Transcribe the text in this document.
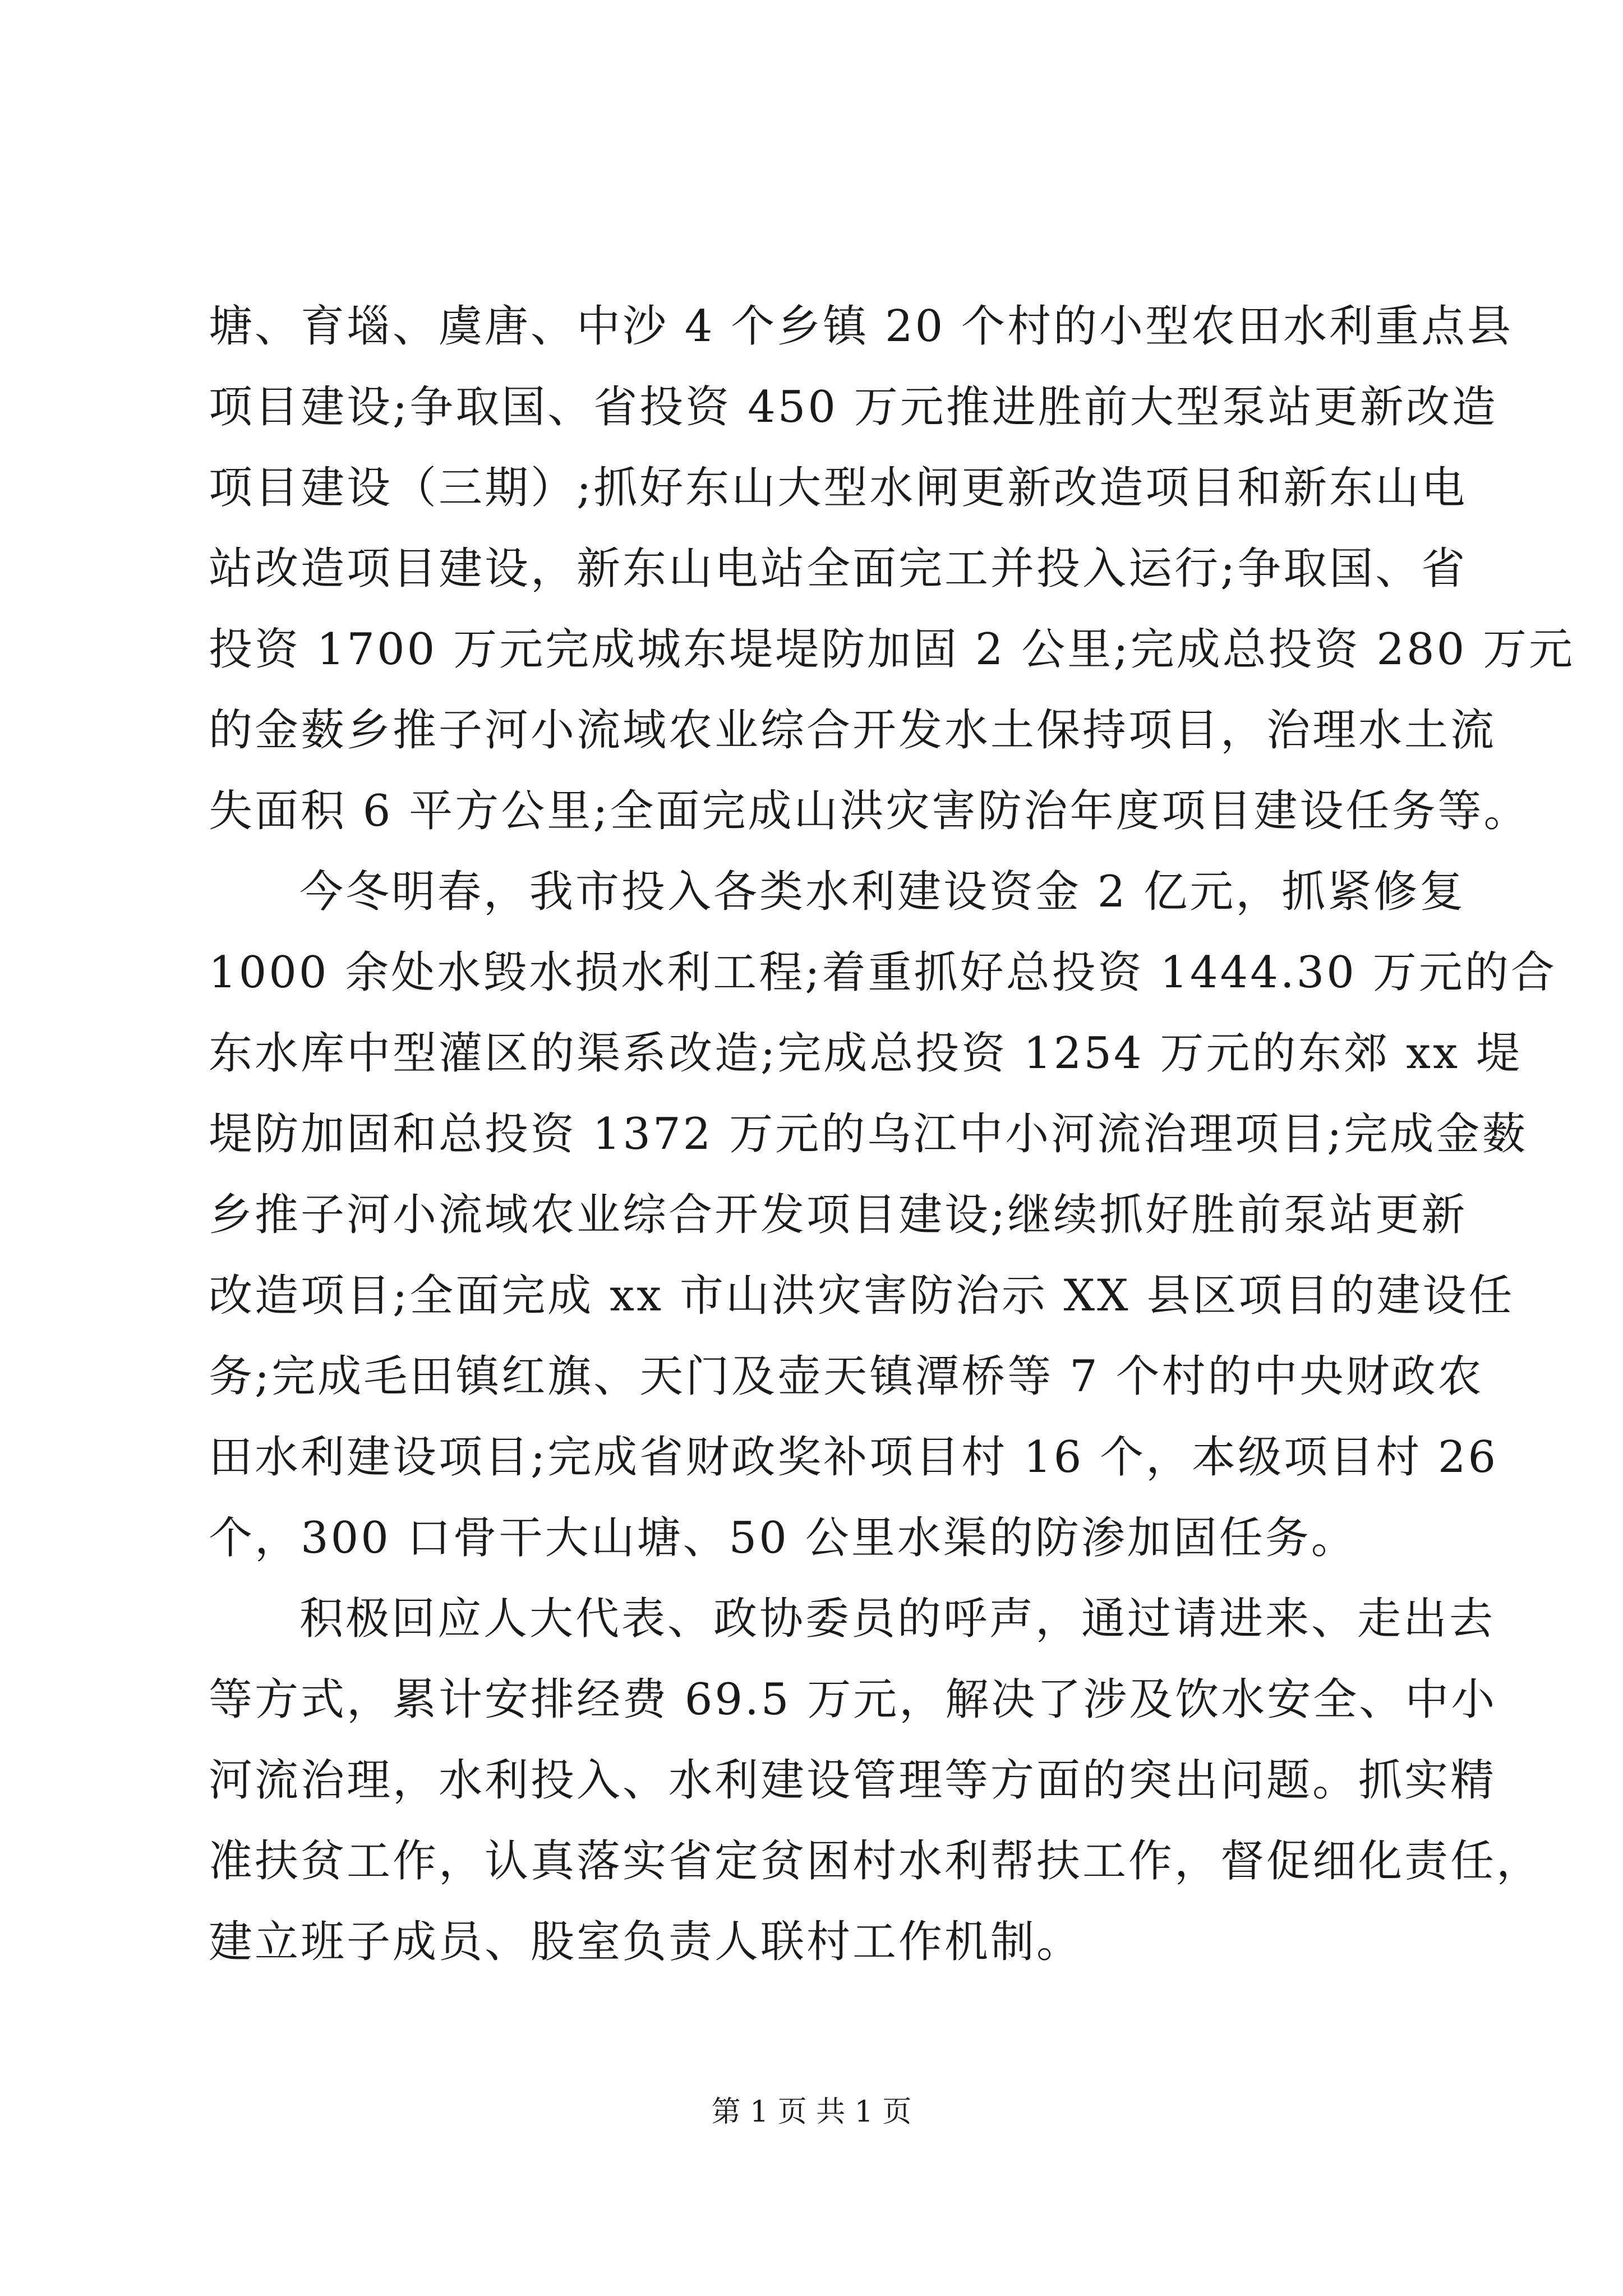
塘、育堖、虞唐、中沙 4 个乡镇 20 个村的小型农田水利重点县
项目建设;争取国、省投资 450 万元推进胜前大型泵站更新改造
项目建设（三期）;抓好东山大型水闸更新改造项目和新东山电
站改造项目建设，新东山电站全面完工并投入运行;争取国、省
投资 1700 万元完成城东堤堤防加固 2 公里;完成总投资 280 万元
的金薮乡推子河小流域农业综合开发水土保持项目，治理水土流
失面积 6 平方公里;全面完成山洪灾害防治年度项目建设任务等。
今冬明春，我市投入各类水利建设资金 2 亿元，抓紧修复
1000 余处水毁水损水利工程;着重抓好总投资 1444.30 万元的合
东水库中型灌区的渠系改造;完成总投资 1254 万元的东郊 xx 堤
堤防加固和总投资 1372 万元的乌江中小河流治理项目;完成金薮
乡推子河小流域农业综合开发项目建设;继续抓好胜前泵站更新
改造项目;全面完成 xx 市山洪灾害防治示 XX 县区项目的建设任
务;完成毛田镇红旗、天门及壶天镇潭桥等 7 个村的中央财政农
田水利建设项目;完成省财政奖补项目村 16 个，本级项目村 26
个，300 口骨干大山塘、50 公里水渠的防渗加固任务。
积极回应人大代表、政协委员的呼声，通过请进来、走出去
等方式，累计安排经费 69.5 万元，解决了涉及饮水安全、中小
河流治理，水利投入、水利建设管理等方面的突出问题。抓实精
准扶贫工作，认真落实省定贫困村水利帮扶工作，督促细化责任，
建立班子成员、股室负责人联村工作机制。
第 1 页 共 1 页
